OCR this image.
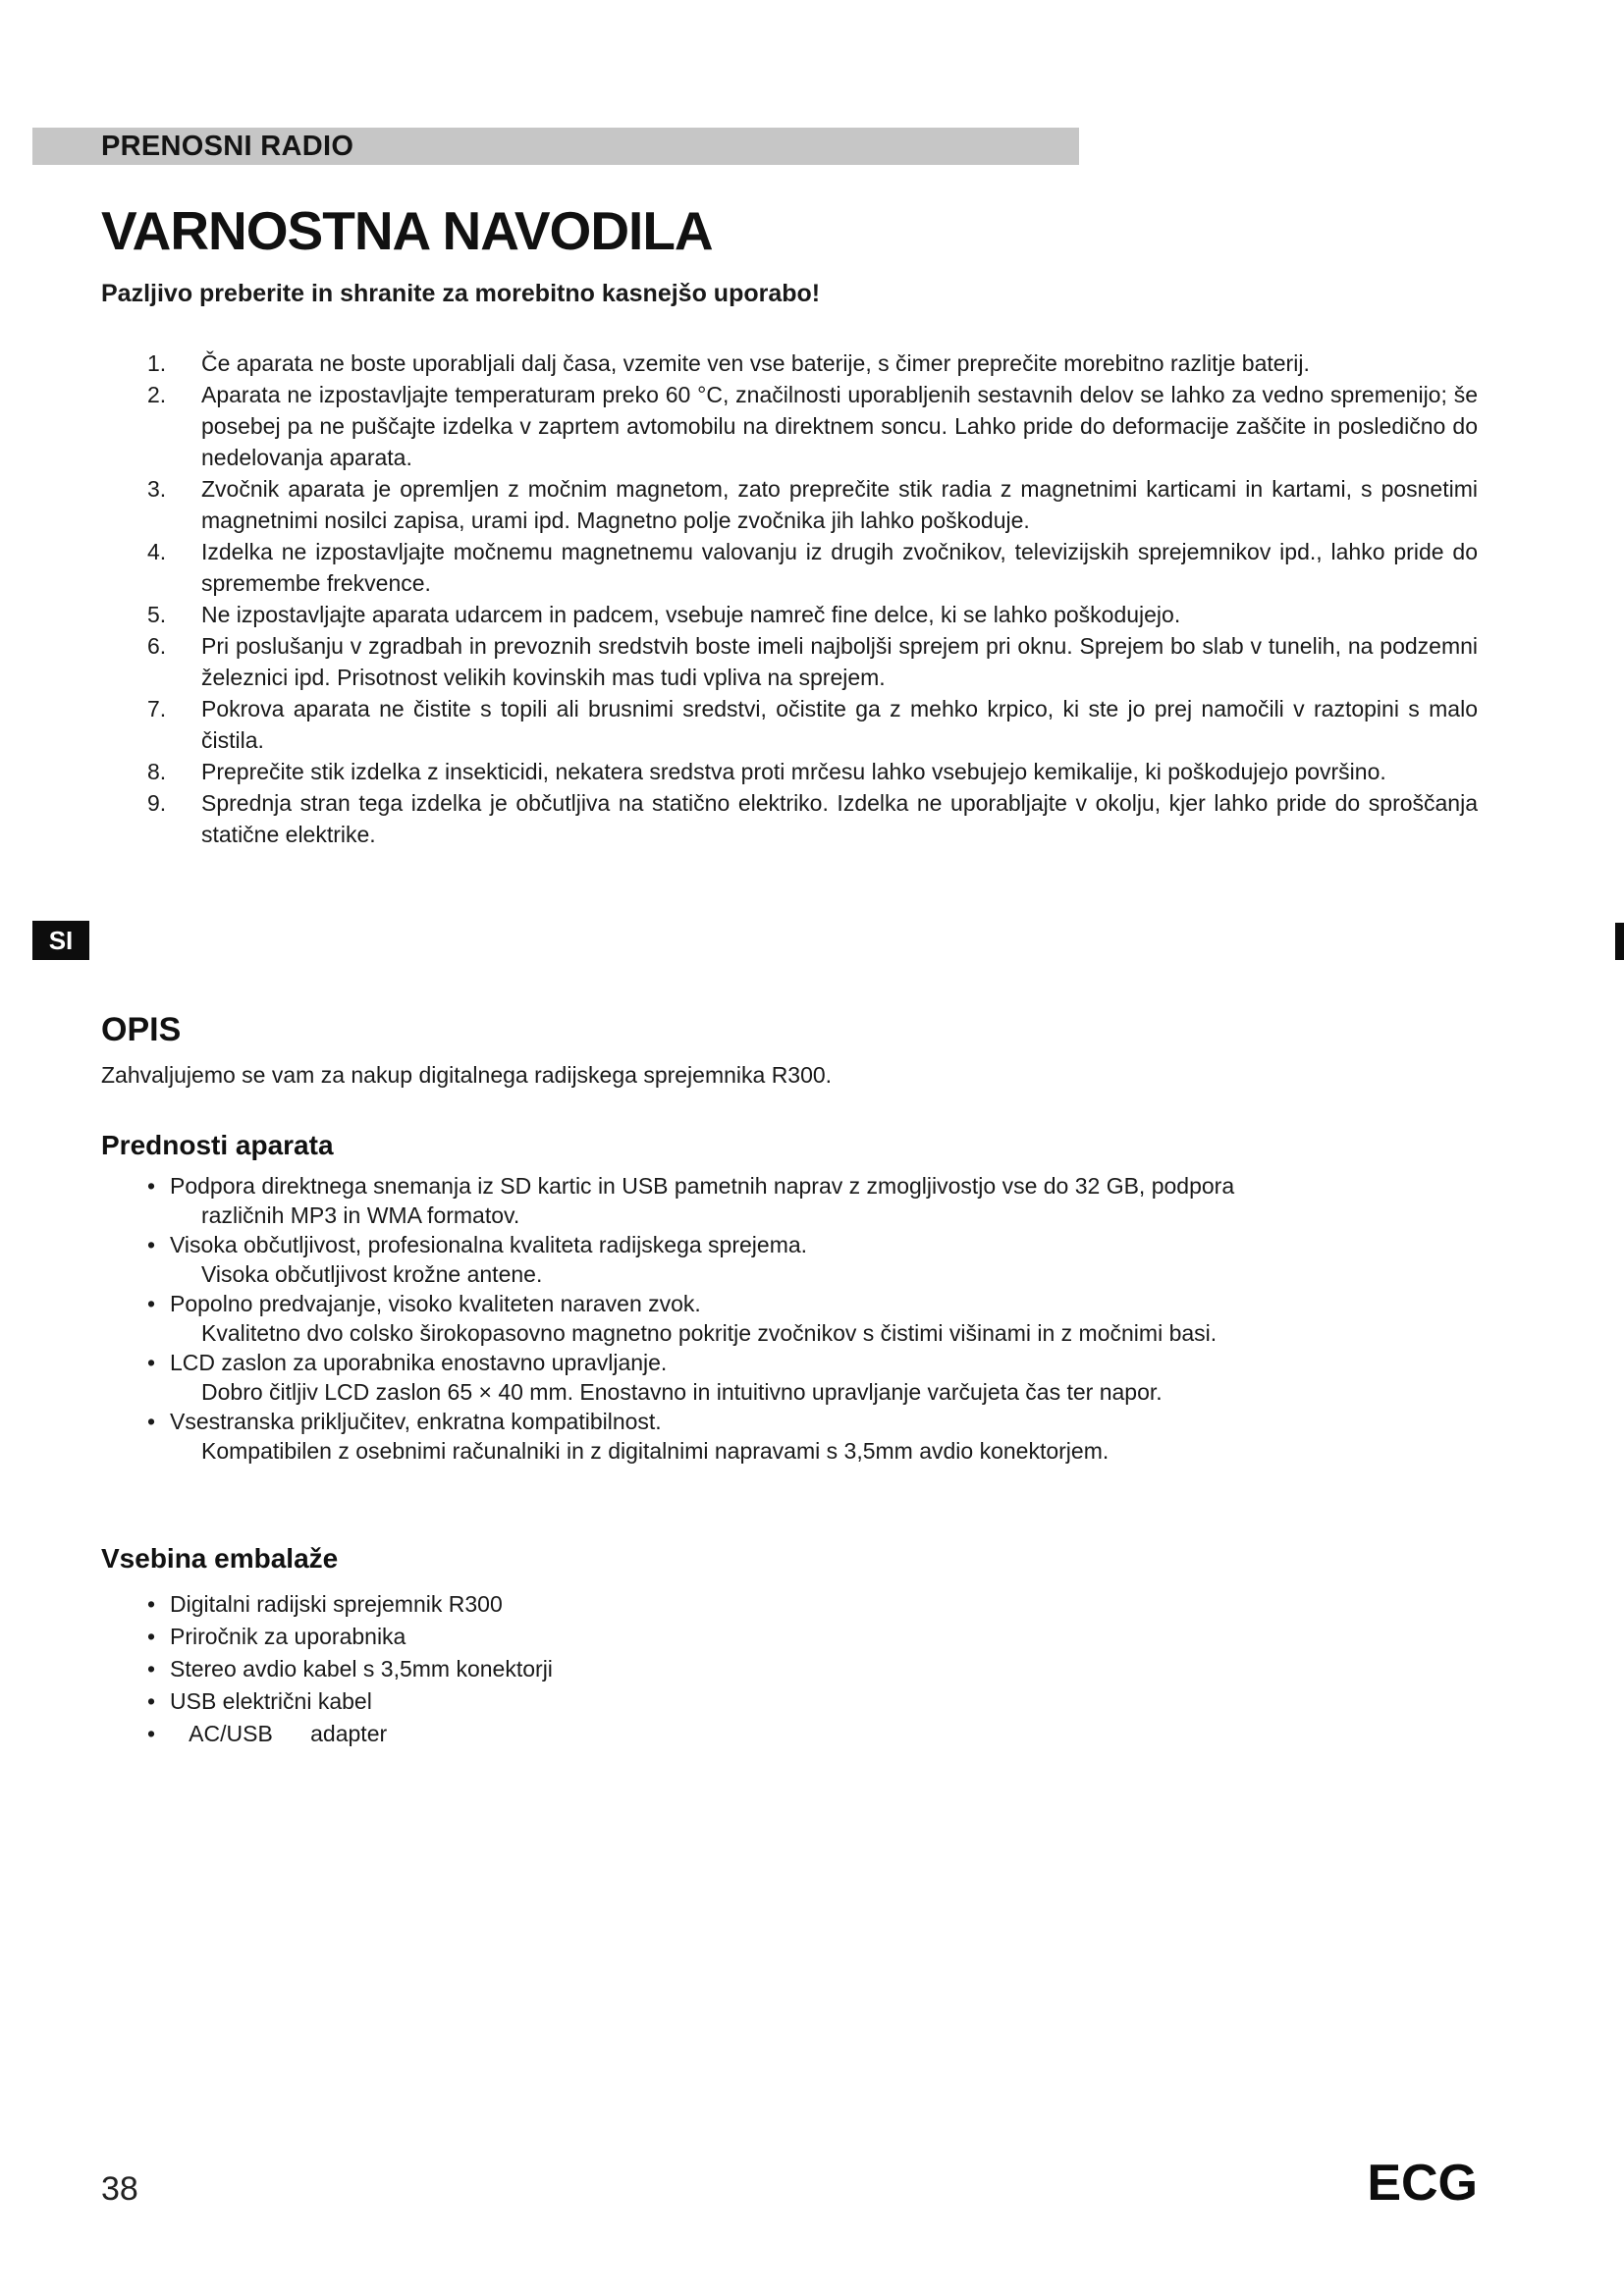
PRENOSNI RADIO
SI
VARNOSTNA NAVODILA
Pazljivo preberite in shranite za morebitno kasnejšo uporabo!
1.	Če aparata ne boste uporabljali dalj časa, vzemite ven vse baterije, s čimer preprečite morebitno razlitje baterij.
2.	Aparata ne izpostavljajte temperaturam preko 60 °C, značilnosti uporabljenih sestavnih delov se lahko za vedno spremenijo; še posebej pa ne puščajte izdelka v zaprtem avtomobilu na direktnem soncu. Lahko pride do deformacije zaščite in posledično do nedelovanja aparata.
3.	Zvočnik aparata je opremljen z močnim magnetom, zato preprečite stik radia z magnetnimi karticami in kartami, s posnetimi magnetnimi nosilci zapisa, urami ipd. Magnetno polje zvočnika jih lahko poškoduje.
4.	Izdelka ne izpostavljajte močnemu magnetnemu valovanju iz drugih zvočnikov, televizijskih sprejemnikov ipd., lahko pride do spremembe frekvence.
5.	Ne izpostavljajte aparata udarcem in padcem, vsebuje namreč fine delce, ki se lahko poškodujejo.
6.	Pri poslušanju v zgradbah in prevoznih sredstvih boste imeli najboljši sprejem pri oknu. Sprejem bo slab v tunelih, na podzemni železnici ipd. Prisotnost velikih kovinskih mas tudi vpliva na sprejem.
7.	Pokrova aparata ne čistite s topili ali brusnimi sredstvi, očistite ga z mehko krpico, ki ste jo prej namočili v raztopini s malo čistila.
8.	Preprečite stik izdelka z insekticidi, nekatera sredstva proti mrčesu lahko vsebujejo kemikalije, ki poškodujejo površino.
9.	Sprednja stran tega izdelka je občutljiva na statično elektriko. Izdelka ne uporabljajte v okolju, kjer lahko pride do sproščanja statične elektrike.
OPIS
Zahvaljujemo se vam za nakup digitalnega radijskega sprejemnika R300.
Prednosti aparata
• Podpora direktnega snemanja iz SD kartic in USB pametnih naprav z zmogljivostjo vse do 32 GB, podpora
različnih MP3 in WMA formatov.
• Visoka občutljivost, profesionalna kvaliteta radijskega sprejema.
Visoka občutljivost krožne antene.
• Popolno predvajanje, visoko kvaliteten naraven zvok.
Kvalitetno dvo colsko širokopasovno magnetno pokritje zvočnikov s čistimi višinami in z močnimi basi.
• LCD zaslon za uporabnika enostavno upravljanje.
Dobro čitljiv LCD zaslon 65 × 40 mm. Enostavno in intuitivno upravljanje varčujeta čas ter napor.
• Vsestranska priključitev, enkratna kompatibilnost.
Kompatibilen z osebnimi računalniki in z digitalnimi napravami s 3,5mm avdio konektorjem.
Vsebina embalaže
• Digitalni radijski sprejemnik R300
• Priročnik za uporabnika
• Stereo avdio kabel s 3,5mm konektorji
• USB električni kabel
• AC/USB      adapter
38	ECG
